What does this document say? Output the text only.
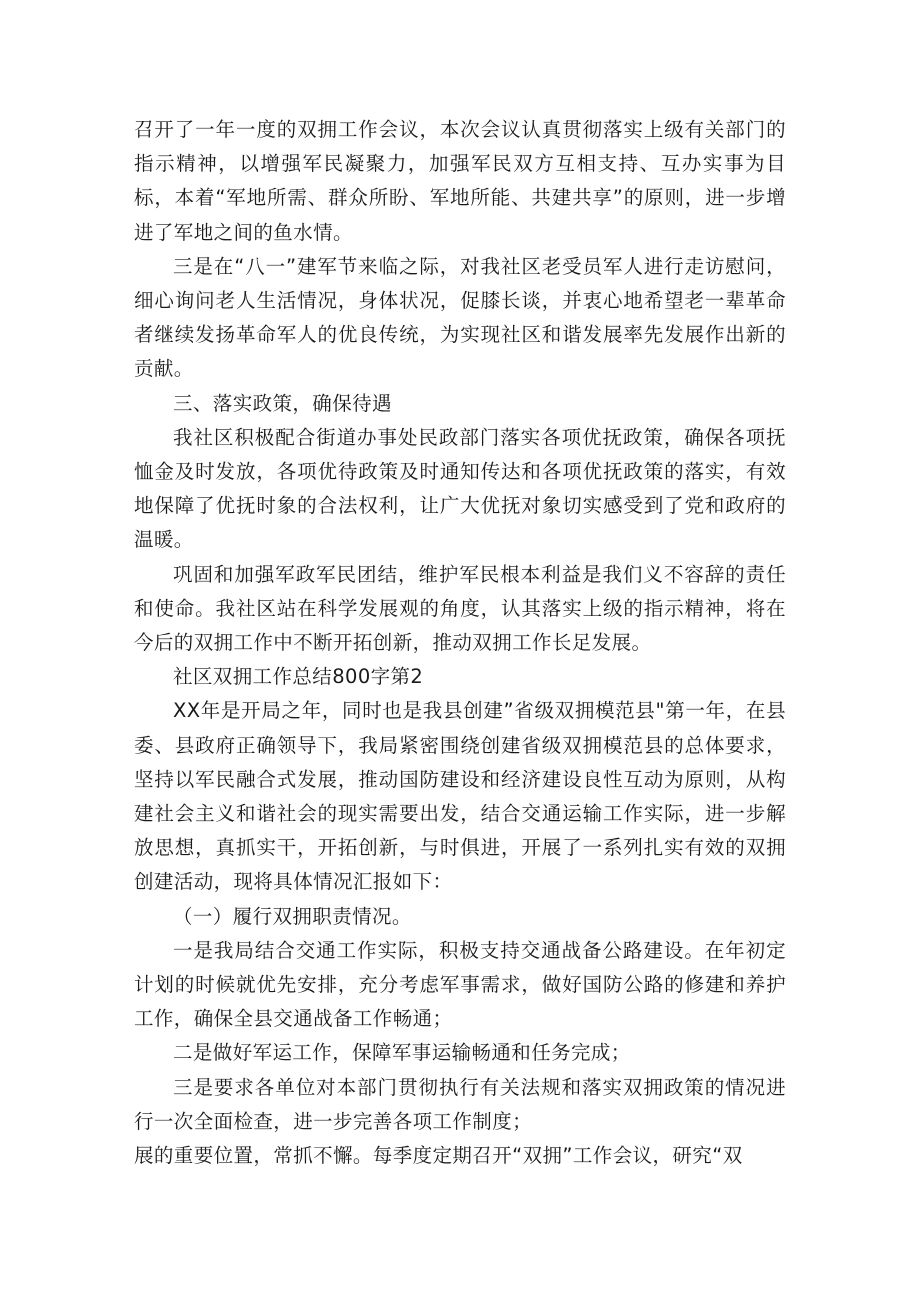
召开了一年一度的双拥工作会议，本次会议认真贯彻落实上级有关部门的指示精神，以增强军民凝聚力，加强军民双方互相支持、互办实事为目标，本着“军地所需、群众所盼、军地所能、共建共享”的原则，进一步增进了军地之间的鱼水情。

三是在“八一”建军节来临之际，对我社区老受员军人进行走访慰问，细心询问老人生活情况，身体状况，促膝长谈，并衷心地希望老一辈革命者继续发扬革命军人的优良传统，为实现社区和谐发展率先发展作出新的贡献。

三、落实政策，确保待遇

我社区积极配合街道办事处民政部门落实各项优抚政策，确保各项抚恤金及时发放，各项优待政策及时通知传达和各项优抚政策的落实，有效地保障了优抚时象的合法权利，让广大优抚对象切实感受到了党和政府的温暖。

巩固和加强军政军民团结，维护军民根本利益是我们义不容辞的责任和使命。我社区站在科学发展观的角度，认其落实上级的指示精神，将在今后的双拥工作中不断开拓创新，推动双拥工作长足发展。

社区双拥工作总结800字第2

XX年是开局之年，同时也是我县创建”省级双拥模范县"第一年，在县委、县政府正确领导下，我局紧密围绕创建省级双拥模范县的总体要求，坚持以军民融合式发展，推动国防建设和经济建设良性互动为原则，从构建社会主义和谐社会的现实需要出发，结合交通运输工作实际，进一步解放思想，真抓实干，开拓创新，与时俱进，开展了一系列扎实有效的双拥创建活动，现将具体情况汇报如下：

（一）履行双拥职责情况。

一是我局结合交通工作实际，积极支持交通战备公路建设。在年初定计划的时候就优先安排，充分考虑军事需求，做好国防公路的修建和养护工作，确保全县交通战备工作畅通；

二是做好军运工作，保障军事运输畅通和任务完成；

三是要求各单位对本部门贯彻执行有关法规和落实双拥政策的情况进行一次全面检查，进一步完善各项工作制度；

展的重要位置，常抓不懈。每季度定期召开“双拥”工作会议，研究“双
